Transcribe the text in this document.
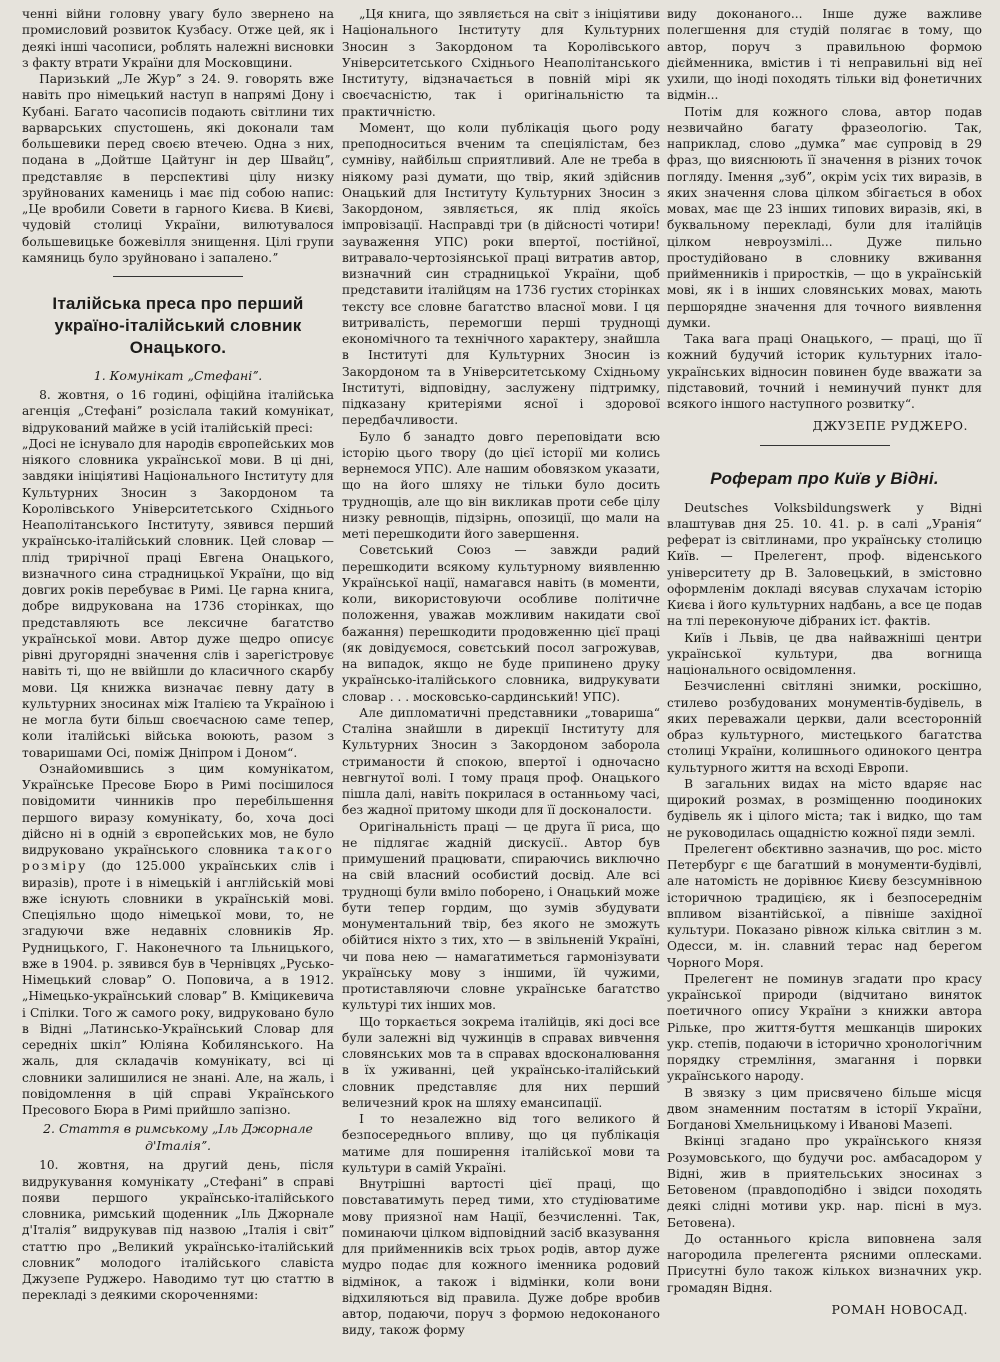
ченні війни головну увагу було звернено на промисловий розвиток Кузбасу. Отже цей, як і деякі інші часописи, роблять належні висновки з факту втрати України для Московщини.

Паризький „Ле Журˮ з 24. 9. говорять вже навіть про німецький наступ в напрямі Дону і Кубані. Багато часописів подають світлини тих варварських спустошень, які доконали там большевики перед своєю втечею. Одна з них, подана в „Дойтше Цайтунг ін дер Швайцˮ, представляє в перспективі цілу низку зруйнованих камениць і має під собою напис: „Це вробили Совети в гарного Києва. В Києві, чудовій столиці України, вилютувалося большевицьке божевілля знищення. Цілі групи камяниць було зруйновано і запалено.ˮ

Італійська преса про перший україно-італійський словник Онацького.
1. Комунікат „Стефаніˮ.

8. жовтня, о 16 годині, офіційна італійська агенція „Стефаніˮ розіслала такий комунікат, відрукований майже в усій італійській пресі:

„Досі не існувало для народів європейських мов ніякого словника української мови. В ці дні, завдяки ініціятиві Національного Інституту для Культурних Зносин з Закордоном та Королівського Університетського Східнього Неаполітанського Інституту, зявився перший українсько-італійський словник. Цей словар — плід трирічної праці Евгена Онацького, визначного сина страдницької України, що від довгих років перебуває в Римі. Це гарна книга, добре видрукована на 1736 сторінках, що представляють все лексичне багатство української мови. Автор дуже щедро описує рівні другорядні значення слів і зарегістровує навіть ті, що не ввійшли до класичного скарбу мови. Ця книжка визначає певну дату в культурних зносинах між Італією та Україною і не могла бути більш своєчасною саме тепер, коли італійські війська воюють, разом з товаришами Осі, поміж Дніпром і Доном“.

Ознайомившись з цим комунікатом, Українське Пресове Бюро в Римі посішилося повідомити чинників про перебільшення першого виразу комунікату, бо, хоча досі дійсно ні в одній з європейських мов, не було видруковано українського словника такого розміру (до 125.000 українських слів і виразів), проте і в німецькій і англійській мові вже існують словники в українській мові. Спеціяльно щодо німецької мови, то, не згадуючи вже недавніх словників Яр. Рудницького, Г. Наконечного та Ільницького, вже в 1904. р. зявився був в Чернівцях „Русько-Німецький словарˮ О. Поповича, а в 1912. „Німецько-український словарˮ В. Кміцикевича і Спілки. Того ж самого року, видруковано було в Відні „Латинсько-Український Словар для середніх шкілˮ Юліяна Кобилянського. На жаль, для складачів комунікату, всі ці словники залишилися не знані. Але, на жаль, і повідомлення в цій справі Українського Пресового Бюра в Римі прийшло запізно.

2. Стаття в римському „Іль Джорнале д'Італіяˮ.

10. жовтня, на другий день, після видрукування комунікату „Стефаніˮ в справі появи першого українсько-італійського словника, римський щоденник „Іль Джорнале д'Італіяˮ видрукував під назвою „Італія і світˮ статтю про „Великий українсько-італійський словникˮ молодого італійського славіста Джузепе Руджеро. Наводимо тут цю статтю в перекладі з деякими скороченнями:

„Ця книга, що зявляється на світ з ініціятиви Національного Інституту для Культурних Зносин з Закордоном та Королівського Університетського Східнього Неаполітанського Інституту, відзначається в повній мірі як своєчасністю, так і оригінальністю та практичністю.

Момент, що коли публікація цього роду преподноситься вченим та спеціялістам, без сумніву, найбільш сприятливий. Але не треба в ніякому разі думати, що твір, який здійснив Онацький для Інституту Культурних Зносин з Закордоном, зявляється, як плід якоїсь імпровізації. Насправді три (в дійсності чотири! зауваження УПС) роки впертої, постійної, витравало-чертозіянської праці витратив автор, визначний син страдницької України, щоб представити італійцям на 1736 густих сторінках тексту все словне багатство власної мови. І ця витривалість, перемогши перші труднощі економічного та технічного характеру, знайшла в Інституті для Культурних Зносин із Закордоном та в Університетському Східньому Інституті, відповідну, заслужену підтримку, підказану критеріями ясної і здорової передбачливости.

Було б занадто довго переповідати всю історію цього твору (до цієї історії ми колись вернемося УПС). Але нашим обовязком указати, що на його шляху не тільки було досить труднощів, але що він викликав проти себе цілу низку ревнощів, підзірнь, опозиції, що мали на меті перешкодити його завершення.

Совєтський Союз — завжди радий перешкодити всякому культурному виявленню Української нації, намагався навіть (в моменти, коли, використовуючи особливе політичне положення, уважав можливим накидати свої бажання) перешкодити продовженню цієї праці (як довідуємося, совєтський посол загрожував, на випадок, якщо не буде припинено друку українсько-італійського словника, видрукувати словар . . . московсько-сардинський! УПС).

Але дипломатичні представники „товариша“ Сталіна знайшли в дирекції Інституту для Культурних Зносин з Закордоном заборола стриманости й спокою, впертої і одночасно невгнутої волі. І тому праця проф. Онацького пішла далі, навіть покрилася в останньому часі, без жадної притому шкоди для її досконалости.

Оригінальність праці — це друга її риса, що не підлягає жадній дискусії.. Автор був примушений працювати, спираючись виключно на свій власний особистий досвід. Але всі труднощі були вміло поборено, і Онацький може бути тепер гордим, що зумів збудувати монументальний твір, без якого не зможуть обійтися ніхто з тих, хто — в звільненій Україні, чи пова нею — намагатиметься гармонізувати українську мову з іншими, їй чужими, протиставляючи словне українське багатство культурі тих інших мов.

Що торкається зокрема італійців, які досі все були залежні від чужинців в справах вивчення словянських мов та в справах вдосконалювання в їх уживанні, цей українсько-італійський словник представляє для них перший величезний крок на шляху емансипації.

І то незалежно від того великого й безпосереднього впливу, що ця публікація матиме для поширення італійської мови та культури в самій Україні.

Внутрішні вартості цієї праці, що повставатимуть перед тими, хто студіюватиме мову приязної нам Нації, безчисленні. Так, поминаючи цілком відповідний засіб вказування для прийменників всіх трьох родів, автор дуже мудро подає для кожного іменника родовий відмінок, а також і відмінки, коли вони відхиляються від правила. Дуже добре вробив автор, подаючи, поруч з формою недоконаного виду, також форму

виду доконаного... Інше дуже важливе полегшення для студій полягає в тому, що автор, поруч з правильною формою дієйменника, вмістив і ті неправильні від неї ухили, що іноді походять тільки від фонетичних відмін...

Потім для кожного слова, автор подав незвичайно багату фразеологію. Так, наприклад, слово „думкаˮ має супровід в 29 фраз, що вияснюють її значення в різних точок погляду. Імення „зубˮ, окрім усіх тих виразів, в яких значення слова цілком збігається в обох мовах, має ще 23 інших типових виразів, які, в буквальному перекладі, були для італійців цілком невроузмілі... Дуже пильно простудійовано в словнику вживання прийменників і приростків, — що в українській мові, як і в інших словянських мовах, мають першорядне значення для точного виявлення думки.

Така вага праці Онацького, — праці, що її кожний будучий історик культурних італо-українських відносин повинен буде вважати за підставовий, точний і неминучий пункт для всякого іншого наступного розвитку“.

ДЖУЗЕПЕ РУДЖЕРО.
Роферат про Київ у Відні.

Deutsches Volksbildungswerk у Відні влаштував дня 25. 10. 41. р. в салі „Уранія“ реферат із світлинами, про українську столицю Київ. — Прелегент, проф. віденського університету др В. Заловецький, в змістовно оформленім докладі вясував слухачам історію Києва і його культурних надбань, а все це подав на тлі переконуюче дібраних іст. фактів.

Київ і Львів, це два найважніші центри української культури, два вогнища національного освідомлення.

Безчисленні світляні знимки, роскішно, стилево розбудованих монументів-будівель, в яких переважали церкви, дали всесторонній образ культурного, мистецького багатства столиці України, колишнього одинокого центра культурного життя на всході Европи.

В загальних видах на місто вдаряє нас щирокий розмах, в розміщенню поодиноких будівель як і цілого міста; так і видко, що там не руководилась ощадністю кожної пяди землі.

Прелегент обєктивно зазначив, що рос. місто Петербург є ще багатший в монументи-будівлі, але натомість не дорівнює Києву безсумнівною історичною традицією, як і безпосереднім впливом візантійської, а півніше західної культури. Показано рівнож кілька світлин з м. Одесси, м. ін. славний терас над берегом Чорного Моря.

Прелегент не поминув згадати про красу української природи (відчитано виняток поетичного опису України з книжки автора Рільке, про життя-буття мешканців широких укр. степів, подаючи в історично хронологічним порядку стремління, змагання і порвки українського народу.

В звязку з цим присвячено більше місця двом знаменним постатям в історії України, Богданові Хмельницькому і Иванові Мазепі.

Вкінці згадано про українського князя Розумовського, що будучи рос. амбасадором у Відні, жив в приятельських зносинах з Бетовеном (правдоподібно і звідси походять деякі слідні мотиви укр. нар. пісні в муз. Бетовена).

До останнього крісла виповнена заля нагородила прелегента рясними оплесками. Присутні було також кількох визначних укр. громадян Відня.

РОМАН НОВОСАД.
